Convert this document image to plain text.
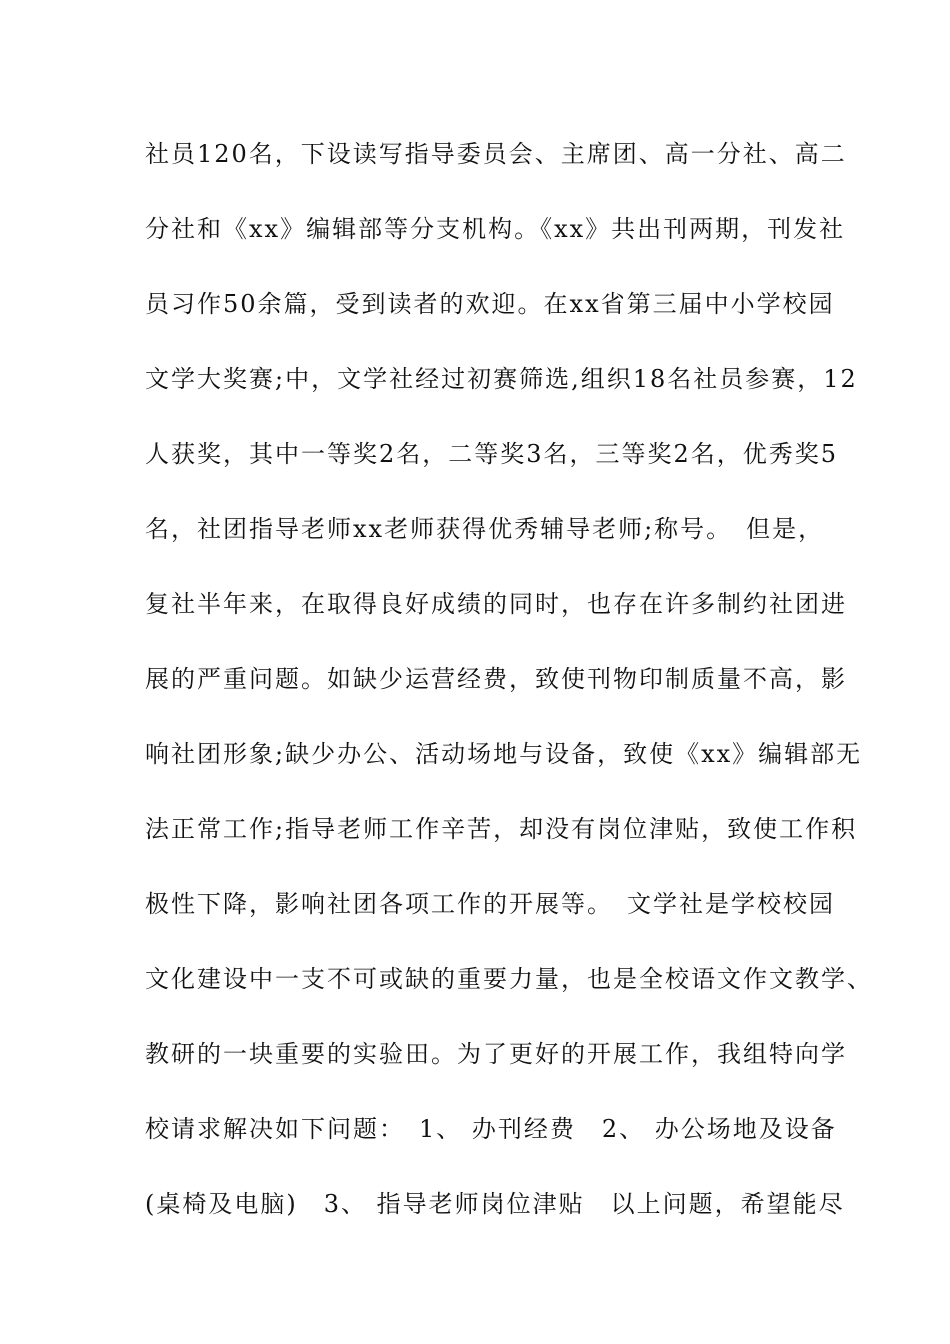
社员120名，下设读写指导委员会、主席团、高一分社、高二
分社和《xx》编辑部等分支机构。《xx》共出刊两期，刊发社
员习作50余篇，受到读者的欢迎。在xx省第三届中小学校园
文学大奖赛;中，文学社经过初赛筛选,组织18名社员参赛，12
人获奖，其中一等奖2名，二等奖3名，三等奖2名，优秀奖5
名，社团指导老师xx老师获得优秀辅导老师;称号。　但是，
复社半年来，在取得良好成绩的同时，也存在许多制约社团进
展的严重问题。如缺少运营经费，致使刊物印制质量不高，影
响社团形象;缺少办公、活动场地与设备，致使《xx》编辑部无
法正常工作;指导老师工作辛苦，却没有岗位津贴，致使工作积
极性下降，影响社团各项工作的开展等。　文学社是学校校园
文化建设中一支不可或缺的重要力量，也是全校语文作文教学、
教研的一块重要的实验田。为了更好的开展工作，我组特向学
校请求解决如下问题：　1、 办刊经费　2、 办公场地及设备
(桌椅及电脑)　3、 指导老师岗位津贴　以上问题，希望能尽
